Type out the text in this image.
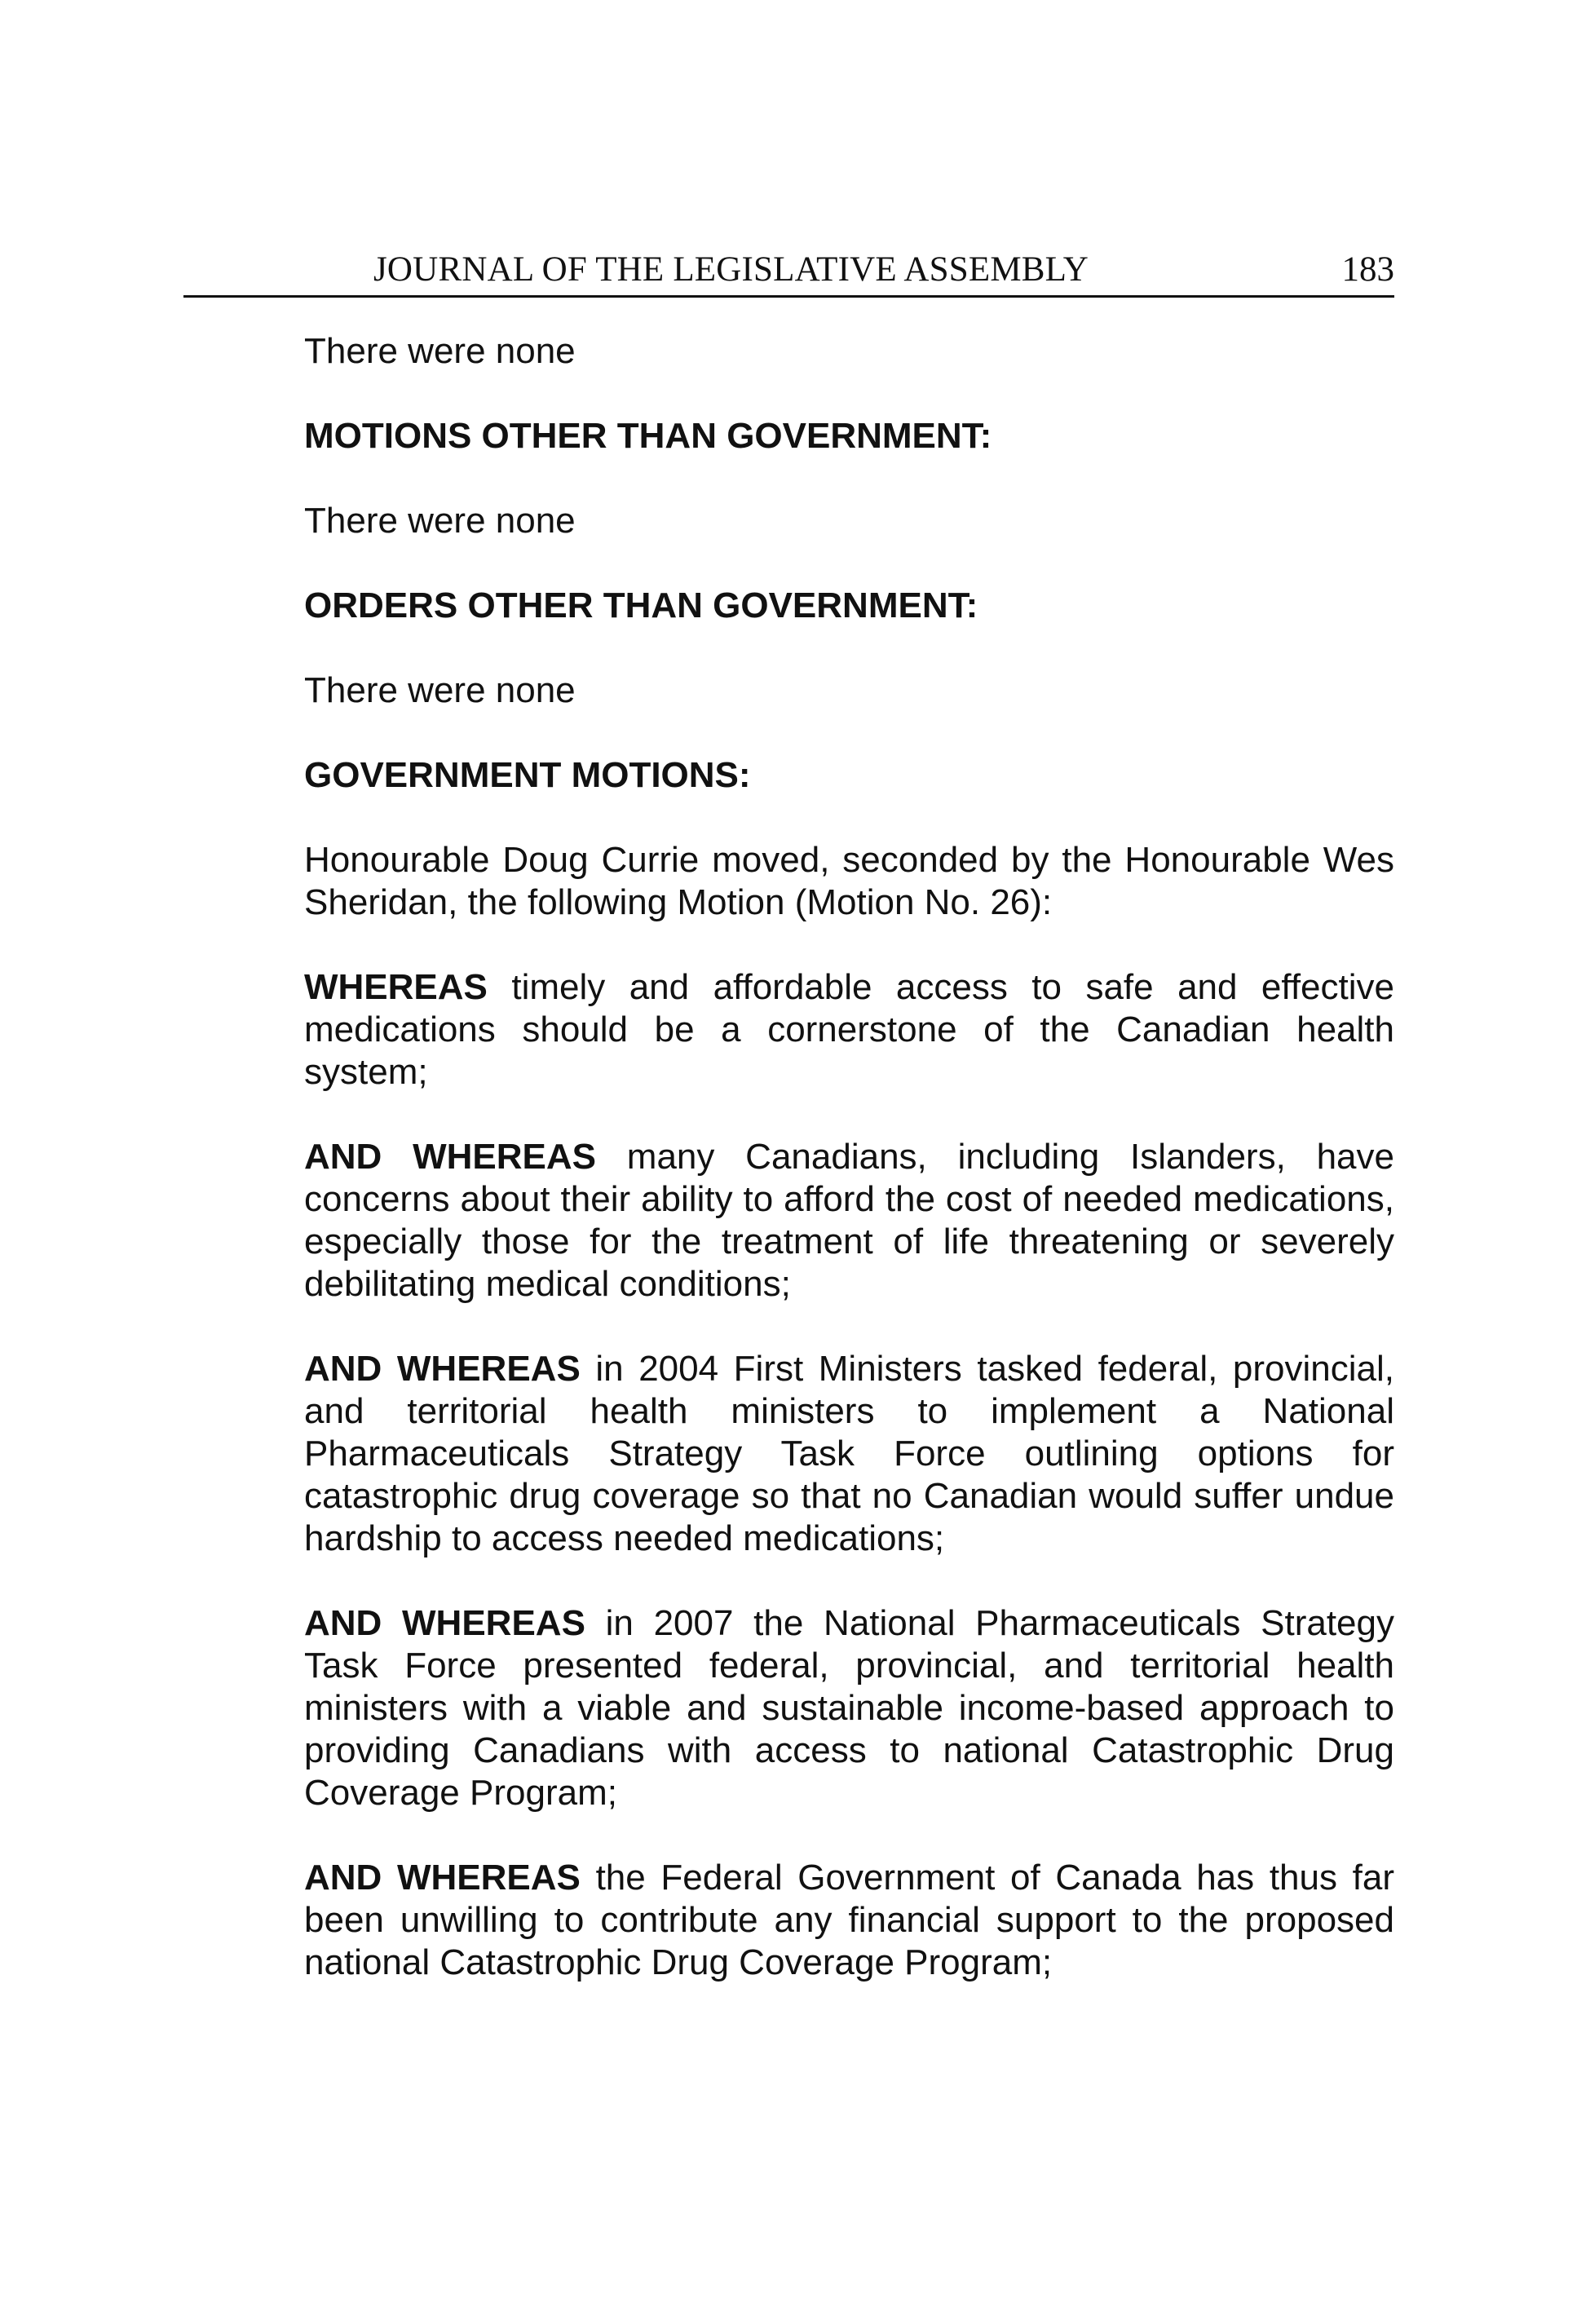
JOURNAL OF THE LEGISLATIVE ASSEMBLY	183

There were none

MOTIONS OTHER THAN GOVERNMENT:

There were none

ORDERS OTHER THAN GOVERNMENT:

There were none

GOVERNMENT MOTIONS:

Honourable Doug Currie moved, seconded by the Honourable Wes Sheridan, the following Motion (Motion No. 26):

WHEREAS timely and affordable access to safe and effective medications should be a cornerstone of the Canadian health system;

AND WHEREAS many Canadians, including Islanders, have concerns about their ability to afford the cost of needed medications, especially those for the treatment of life threatening or severely debilitating medical conditions;

AND WHEREAS in 2004 First Ministers tasked federal, provincial, and territorial health ministers to implement a National Pharmaceuticals Strategy Task Force outlining options for catastrophic drug coverage so that no Canadian would suffer undue hardship to access needed medications;

AND WHEREAS in 2007 the National Pharmaceuticals Strategy Task Force presented federal, provincial, and territorial health ministers with a viable and sustainable income-based approach to providing Canadians with access to national Catastrophic Drug Coverage Program;

AND WHEREAS the Federal Government of Canada has thus far been unwilling to contribute any financial support to the proposed national Catastrophic Drug Coverage Program;
